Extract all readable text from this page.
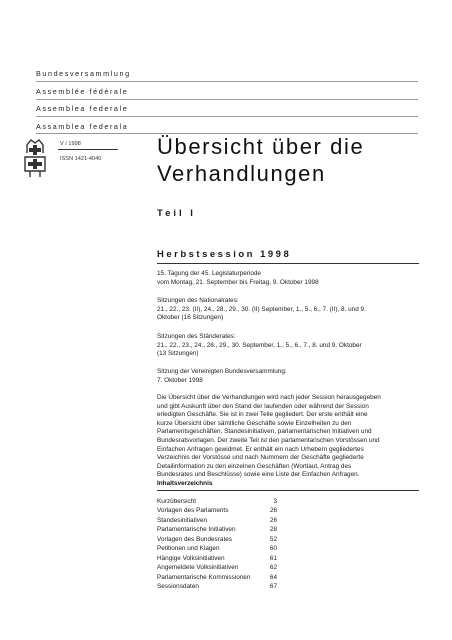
Bundesversammlung
Assemblée fédérale
Assemblea federale
Assamblea federala
V / 1998
ISSN 1421-4040	Übersicht über die
Verhandlungen
Teil I
Herbstsession 1998
15. Tagung der 45. Legislaturperiode
vom Montag, 21. September bis Freitag, 9. Oktober 1998
Sitzungen des Nationalrates:
21., 22., 23. (II), 24., 28., 29., 30. (II) September, 1., 5., 6., 7. (II), 8. und 9.
Oktober (16 Sitzungen)
Sitzungen des Ständerates:
21., 22., 23., 24., 28., 29., 30. September, 1., 5., 6., 7., 8. und 9. Oktober
(13 Sitzungen)
Sitzung der Vereinigten Bundesversammlung:
7. Oktober 1998
Die Übersicht über die Verhandlungen wird nach jeder Session herausgegeben
und gibt Auskunft über den Stand der laufenden oder während der Session
erledigten Geschäfte. Sie ist in zwei Teile gegliedert. Der erste enthält eine
kurze Übersicht über sämtliche Geschäfte sowie Einzelheiten zu den
Parlamentsgeschäften, Standesinitiativen, parlamentarischen Initiativen und
Bundesratsvorlagen. Der zweite Teil ist den parlamentarischen Vorstössen und
Einfachen Anfragen gewidmet. Er enthält ein nach Urhebern gegliedertes
Verzeichnis der Vorstösse und nach Nummern der Geschäfte gegliederte
Detailinformation zu den einzelnen Geschäften (Wortlaut, Antrag des
Bundesrates und Beschlüsse) sowie eine Liste der Einfachen Anfragen.
Inhaltsverzeichnis
Kurzübersicht	3
Vorlagen des Parlaments	26
Standesinitiativen	26
Parlamentarische Initiativen	28
Vorlagen des Bundesrates	52
Petitionen und Klagen	60
Hängige Volksinitiativen	61
Angemeldete Volksinitiativen	62
Parlamentarische Kommissionen	64
Sessionsdaten	67
